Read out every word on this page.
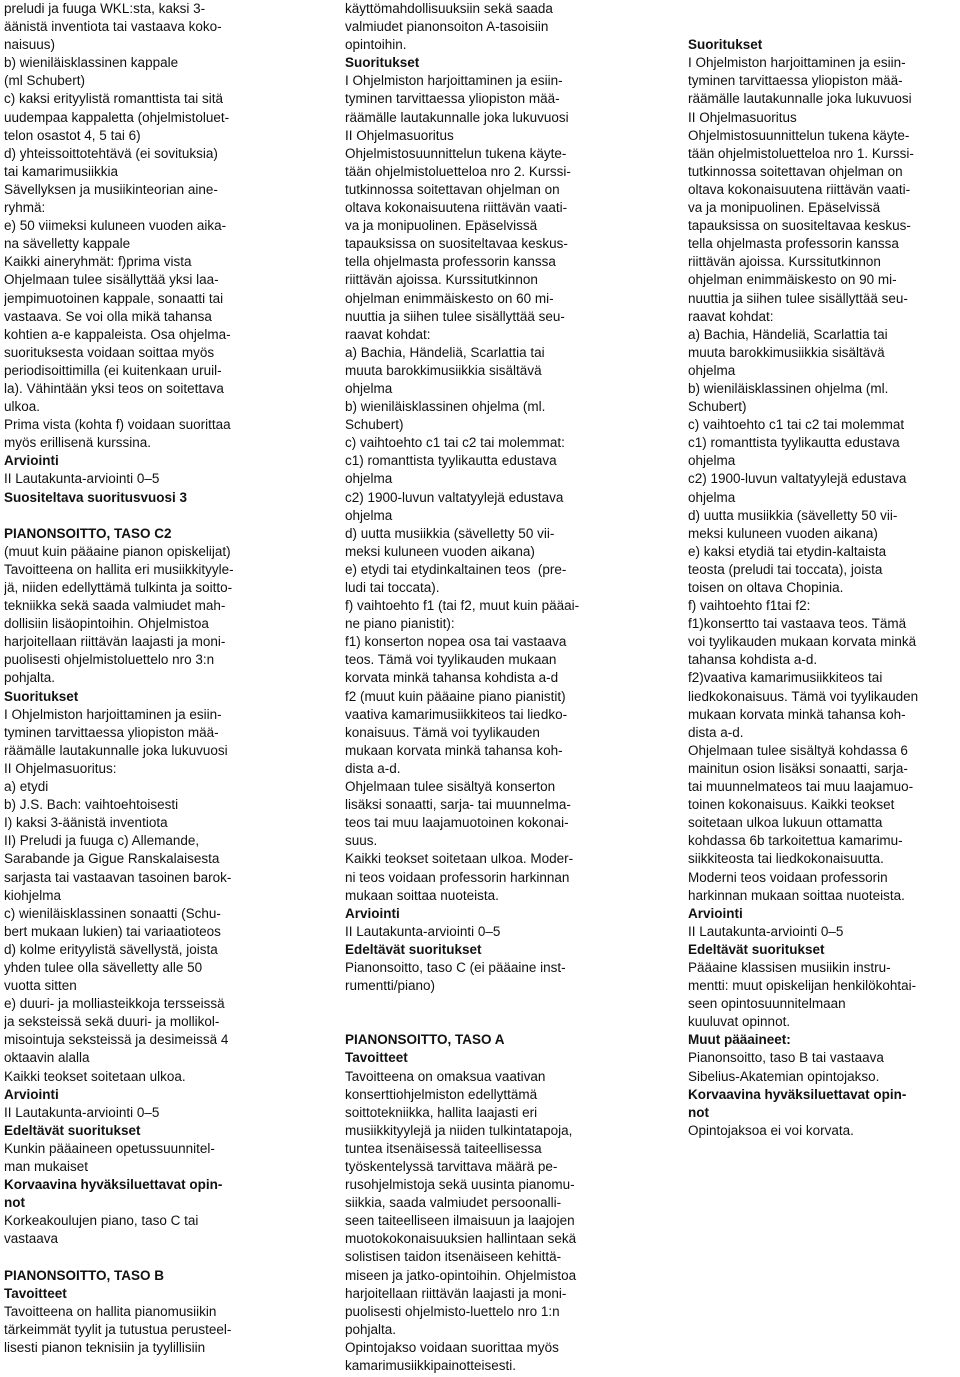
preludi ja fuuga WKL:sta, kaksi 3-
äänistä inventiota tai vastaava koko-
naisuus)
b) wieniläisklassinen kappale
(ml Schubert)
c) kaksi erityylistä romanttista tai sitä
uudempaa kappaletta (ohjelmistoluet-
telon osastot 4, 5 tai 6)
d) yhteissoittotehtävä (ei sovituksia)
tai kamarimusiikkia
Sävellyksen ja musiikinteorian aine-
ryhmä:
e) 50 viimeksi kuluneen vuoden aika-
na sävelletty kappale
Kaikki aineryhmät: f)prima vista
Ohjelmaan tulee sisällyttää yksi laa-
jempimuotoinen kappale, sonaatti tai
vastaava. Se voi olla mikä tahansa
kohtien a-e kappaleista. Osa ohjelma-
suorituksesta voidaan soittaa myös
periodisoittimilla (ei kuitenkaan uruil-
la). Vähintään yksi teos on soitettava
ulkoa.
Prima vista (kohta f) voidaan suorittaa
myös erillisenä kurssina.
Arviointi
II Lautakunta-arviointi 0–5
Suositeltava suoritusvuosi 3
PIANONSOITTO, TASO C2
(muut kuin pääaine pianon opiskelijat)
Tavoitteena on hallita eri musiikkityyle-
jä, niiden edellyttämä tulkinta ja soitto-
tekniikka sekä saada valmiudet mah-
dollisiin lisäopintoihin. Ohjelmistoa
harjoitellaan riittävän laajasti ja moni-
puolisesti ohjelmistoluettelo nro 3:n
pohjalta.
Suoritukset
I Ohjelmiston harjoittaminen ja esiin-
tyminen tarvittaessa yliopiston mää-
räämälle lautakunnalle joka lukuvuosi
II Ohjelmasuoritus:
a) etydi
b) J.S. Bach: vaihtoehtoisesti
I) kaksi 3-äänistä inventiota
II) Preludi ja fuuga c) Allemande,
Sarabande ja Gigue Ranskalaisesta
sarjasta tai vastaavan tasoinen barok-
kiohjelma
c) wieniläisklassinen sonaatti (Schu-
bert mukaan lukien) tai variaatioteos
d) kolme erityylistä sävellystä, joista
yhden tulee olla sävelletty alle 50
vuotta sitten
e) duuri- ja molliasteikkoja tersseissä
ja seksteissä sekä duuri- ja mollikol-
misointuja seksteissä ja desimeissä 4
oktaavin alalla
Kaikki teokset soitetaan ulkoa.
Arviointi
II Lautakunta-arviointi 0–5
Edeltävät suoritukset
Kunkin pääaineen opetussuunnitel-
man mukaiset
Korvaavina hyväksiluettavat opin-
not
Korkeakoulujen piano, taso C tai
vastaava
PIANONSOITTO, TASO B
Tavoitteet
Tavoitteena on hallita pianomusiikin
tärkeimmät tyylit ja tutustua perusteel-
lisesti pianon teknisiin ja tyylillisiin
käyttömahdollisuuksiin sekä saada
valmiudet pianonsoiton A-tasoisiin
opintoihin.
Suoritukset
I Ohjelmiston harjoittaminen ja esiin-
tyminen tarvittaessa yliopiston mää-
räämälle lautakunnalle joka lukuvuosi
II Ohjelmasuoritus
Ohjelmistosuunnittelun tukena käyte-
tään ohjelmistoluetteloa nro 2. Kurssi-
tutkinnossa soitettavan ohjelman on
oltava kokonaisuutena riittävän vaati-
va ja monipuolinen. Epäselvissä
tapauksissa on suositeltavaa keskus-
tella ohjelmasta professorin kanssa
riittävän ajoissa. Kurssitutkinnon
ohjelman enimmäiskesto on 60 mi-
nuuttia ja siihen tulee sisällyttää seu-
raavat kohdat:
a) Bachia, Händeliä, Scarlattia tai
muuta barokkimusiikkia sisältävä
ohjelma
b) wieniläisklassinen ohjelma (ml.
Schubert)
c) vaihtoehto c1 tai c2 tai molemmat:
c1) romanttista tyylikautta edustava
ohjelma
c2) 1900-luvun valtatyylejä edustava
ohjelma
d) uutta musiikkia (sävelletty 50 vii-
meksi kuluneen vuoden aikana)
e) etydi tai etydinkaltainen teos  (pre-
ludi tai toccata).
f) vaihtoehto f1 (tai f2, muut kuin pääai-
ne piano pianistit):
f1) konserton nopea osa tai vastaava
teos. Tämä voi tyylikauden mukaan
korvata minkä tahansa kohdista a-d
f2 (muut kuin pääaine piano pianistit)
vaativa kamarimusiikkiteos tai liedko-
konaisuus. Tämä voi tyylikauden
mukaan korvata minkä tahansa koh-
dista a-d.
Ohjelmaan tulee sisältyä konserton
lisäksi sonaatti, sarja- tai muunnelma-
teos tai muu laajamuotoinen kokonai-
suus.
Kaikki teokset soitetaan ulkoa. Moder-
ni teos voidaan professorin harkinnan
mukaan soittaa nuoteista.
Arviointi
II Lautakunta-arviointi 0–5
Edeltävät suoritukset
Pianonsoitto, taso C (ei pääaine inst-
rumentti/piano)
PIANONSOITTO, TASO A
Tavoitteet
Tavoitteena on omaksua vaativan
konserttiohjelmiston edellyttämä
soittotekniikka, hallita laajasti eri
musiikkityylejä ja niiden tulkintatapoja,
tuntea itsenäisessä taiteellisessa
työskentelyssä tarvittava määrä pe-
rusohjelmistoja sekä uusinta pianomu-
siikkia, saada valmiudet persoonalli-
seen taiteelliseen ilmaisuun ja laajojen
muotokokonaisuuksien hallintaan sekä
solistisen taidon itsenäiseen kehittä-
miseen ja jatko-opintoihin. Ohjelmistoa
harjoitellaan riittävän laajasti ja moni-
puolisesti ohjelmisto-luettelo nro 1:n
pohjalta.
Opintojakso voidaan suorittaa myös
kamarimusiikkipainotteisesti.
Suoritukset
I Ohjelmiston harjoittaminen ja esiin-
tyminen tarvittaessa yliopiston mää-
räämälle lautakunnalle joka lukuvuosi
II Ohjelmasuoritus
Ohjelmistosuunnittelun tukena käyte-
tään ohjelmistoluetteloa nro 1. Kurssi-
tutkinnossa soitettavan ohjelman on
oltava kokonaisuutena riittävän vaati-
va ja monipuolinen. Epäselvissä
tapauksissa on suositeltavaa keskus-
tella ohjelmasta professorin kanssa
riittävän ajoissa. Kurssitutkinnon
ohjelman enimmäiskesto on 90 mi-
nuuttia ja siihen tulee sisällyttää seu-
raavat kohdat:
a) Bachia, Händeliä, Scarlattia tai
muuta barokkimusiikkia sisältävä
ohjelma
b) wieniläisklassinen ohjelma (ml.
Schubert)
c) vaihtoehto c1 tai c2 tai molemmat
c1) romanttista tyylikautta edustava
ohjelma
c2) 1900-luvun valtatyylejä edustava
ohjelma
d) uutta musiikkia (sävelletty 50 vii-
meksi kuluneen vuoden aikana)
e) kaksi etydiä tai etydin-kaltaista
teosta (preludi tai toccata), joista
toisen on oltava Chopinia.
f) vaihtoehto f1tai f2:
f1)konsertto tai vastaava teos. Tämä
voi tyylikauden mukaan korvata minkä
tahansa kohdista a-d.
f2)vaativa kamarimusiikkiteos tai
liedkokonaisuus. Tämä voi tyylikauden
mukaan korvata minkä tahansa koh-
dista a-d.
Ohjelmaan tulee sisältyä kohdassa 6
mainitun osion lisäksi sonaatti, sarja-
tai muunnelmateos tai muu laajamuo-
toinen kokonaisuus. Kaikki teokset
soitetaan ulkoa lukuun ottamatta
kohdassa 6b tarkoitettua kamarimu-
siikkiteosta tai liedkokonaisuutta.
Moderni teos voidaan professorin
harkinnan mukaan soittaa nuoteista.
Arviointi
II Lautakunta-arviointi 0–5
Edeltävät suoritukset
Pääaine klassisen musiikin instru-
mentti: muut opiskelijan henkilökohtai-
seen opintosuunnitelmaan
kuuluvat opinnot.
Muut pääaineet:
Pianonsoitto, taso B tai vastaava
Sibelius-Akatemian opintojakso.
Korvaavina hyväksiluettavat opin-
not
Opintojaksoa ei voi korvata.
